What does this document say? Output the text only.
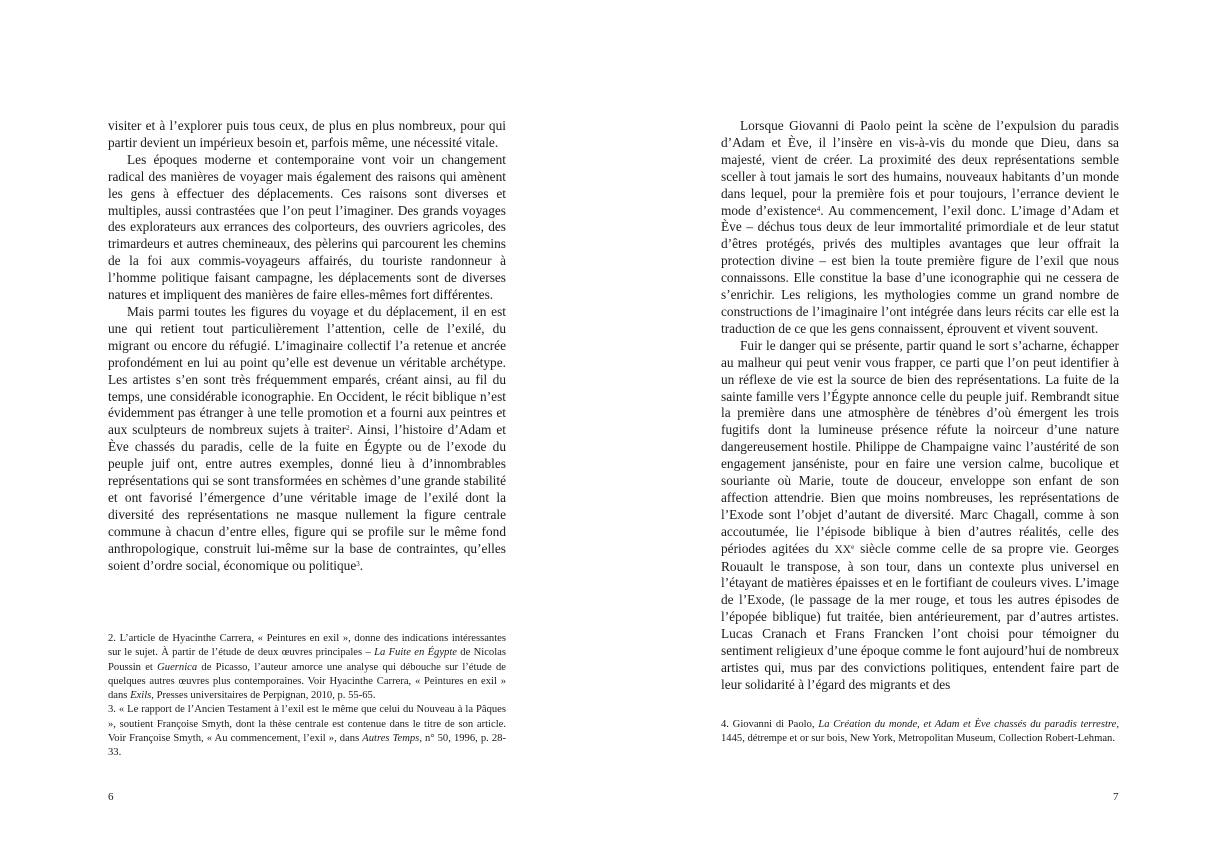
visiter et à l’explorer puis tous ceux, de plus en plus nombreux, pour qui partir devient un impérieux besoin et, parfois même, une nécessité vitale.

Les époques moderne et contemporaine vont voir un changement radical des manières de voyager mais également des raisons qui amènent les gens à effectuer des déplacements. Ces raisons sont diverses et multiples, aussi contrastées que l’on peut l’imaginer. Des grands voyages des explorateurs aux errances des colporteurs, des ouvriers agricoles, des trimardeurs et autres chemineaux, des pèlerins qui parcourent les chemins de la foi aux commis-voyageurs affairés, du touriste randonneur à l’homme politique faisant campagne, les déplacements sont de diverses natures et impliquent des manières de faire elles-mêmes fort différentes.

Mais parmi toutes les figures du voyage et du déplacement, il en est une qui retient tout particulièrement l’attention, celle de l’exilé, du migrant ou encore du réfugié. L’imaginaire collectif l’a retenue et ancrée profondément en lui au point qu’elle est devenue un véritable archétype. Les artistes s’en sont très fréquemment emparés, créant ainsi, au fil du temps, une considérable iconographie. En Occident, le récit biblique n’est évidemment pas étranger à une telle promotion et a fourni aux peintres et aux sculpteurs de nombreux sujets à traiter$^2$. Ainsi, l’histoire d’Adam et Ève chassés du paradis, celle de la fuite en Égypte ou de l’exode du peuple juif ont, entre autres exemples, donné lieu à d’innombrables représentations qui se sont transformées en schèmes d’une grande stabilité et ont favorisé l’émergence d’une véritable image de l’exilé dont la diversité des représentations ne masque nullement la figure centrale commune à chacun d’entre elles, figure qui se profile sur le même fond anthropologique, construit lui-même sur la base de contraintes, qu’elles soient d’ordre social, économique ou politique$^3$.

2. L’article de Hyacinthe Carrera, « Peintures en exil », donne des indications intéressantes sur le sujet. À partir de l’étude de deux œuvres principales – La Fuite en Égypte de Nicolas Poussin et Guernica de Picasso, l’auteur amorce une analyse qui débouche sur l’étude de quelques autres œuvres plus contemporaines. Voir Hyacinthe Carrera, « Peintures en exil » dans Exils, Presses universitaires de Perpignan, 2010, p. 55-65.

3. « Le rapport de l’Ancien Testament à l’exil est le même que celui du Nouveau à la Pâques », soutient Françoise Smyth, dont la thèse centrale est contenue dans le titre de son article. Voir Françoise Smyth, « Au commencement, l’exil », dans Autres Temps, n° 50, 1996, p. 28-33.

6

Lorsque Giovanni di Paolo peint la scène de l’expulsion du paradis d’Adam et Ève, il l’insère en vis-à-vis du monde que Dieu, dans sa majesté, vient de créer. La proximité des deux représentations semble sceller à tout jamais le sort des humains, nouveaux habitants d’un monde dans lequel, pour la première fois et pour toujours, l’errance devient le mode d’existence$^4$. Au commencement, l’exil donc. L’image d’Adam et Ève – déchus tous deux de leur immortalité primordiale et de leur statut d’êtres protégés, privés des multiples avantages que leur offrait la protection divine – est bien la toute première figure de l’exil que nous connaissons. Elle constitue la base d’une iconographie qui ne cessera de s’enrichir. Les religions, les mythologies comme un grand nombre de constructions de l’imaginaire l’ont intégrée dans leurs récits car elle est la traduction de ce que les gens connaissent, éprouvent et vivent souvent.

Fuir le danger qui se présente, partir quand le sort s’acharne, échapper au malheur qui peut venir vous frapper, ce parti que l’on peut identifier à un réflexe de vie est la source de bien des représentations. La fuite de la sainte famille vers l’Égypte annonce celle du peuple juif. Rembrandt situe la première dans une atmosphère de ténèbres d’où émergent les trois fugitifs dont la lumineuse présence réfute la noirceur d’une nature dangereusement hostile. Philippe de Champaigne vainc l’austérité de son engagement janséniste, pour en faire une version calme, bucolique et souriante où Marie, toute de douceur, enveloppe son enfant de son affection attendrie. Bien que moins nombreuses, les représentations de l’Exode sont l’objet d’autant de diversité. Marc Chagall, comme à son accoutumée, lie l’épisode biblique à bien d’autres réalités, celle des périodes agitées du XXe siècle comme celle de sa propre vie. Georges Rouault le transpose, à son tour, dans un contexte plus universel en l’étayant de matières épaisses et en le fortifiant de couleurs vives. L’image de l’Exode, (le passage de la mer rouge, et tous les autres épisodes de l’épopée biblique) fut traitée, bien antérieurement, par d’autres artistes. Lucas Cranach et Frans Francken l’ont choisi pour témoigner du sentiment religieux d’une époque comme le font aujourd’hui de nombreux artistes qui, mus par des convictions politiques, entendent faire part de leur solidarité à l’égard des migrants et des

4. Giovanni di Paolo, La Création du monde, et Adam et Ève chassés du paradis terrestre, 1445, détrempe et or sur bois, New York, Metropolitan Museum, Collection Robert-Lehman.

7
